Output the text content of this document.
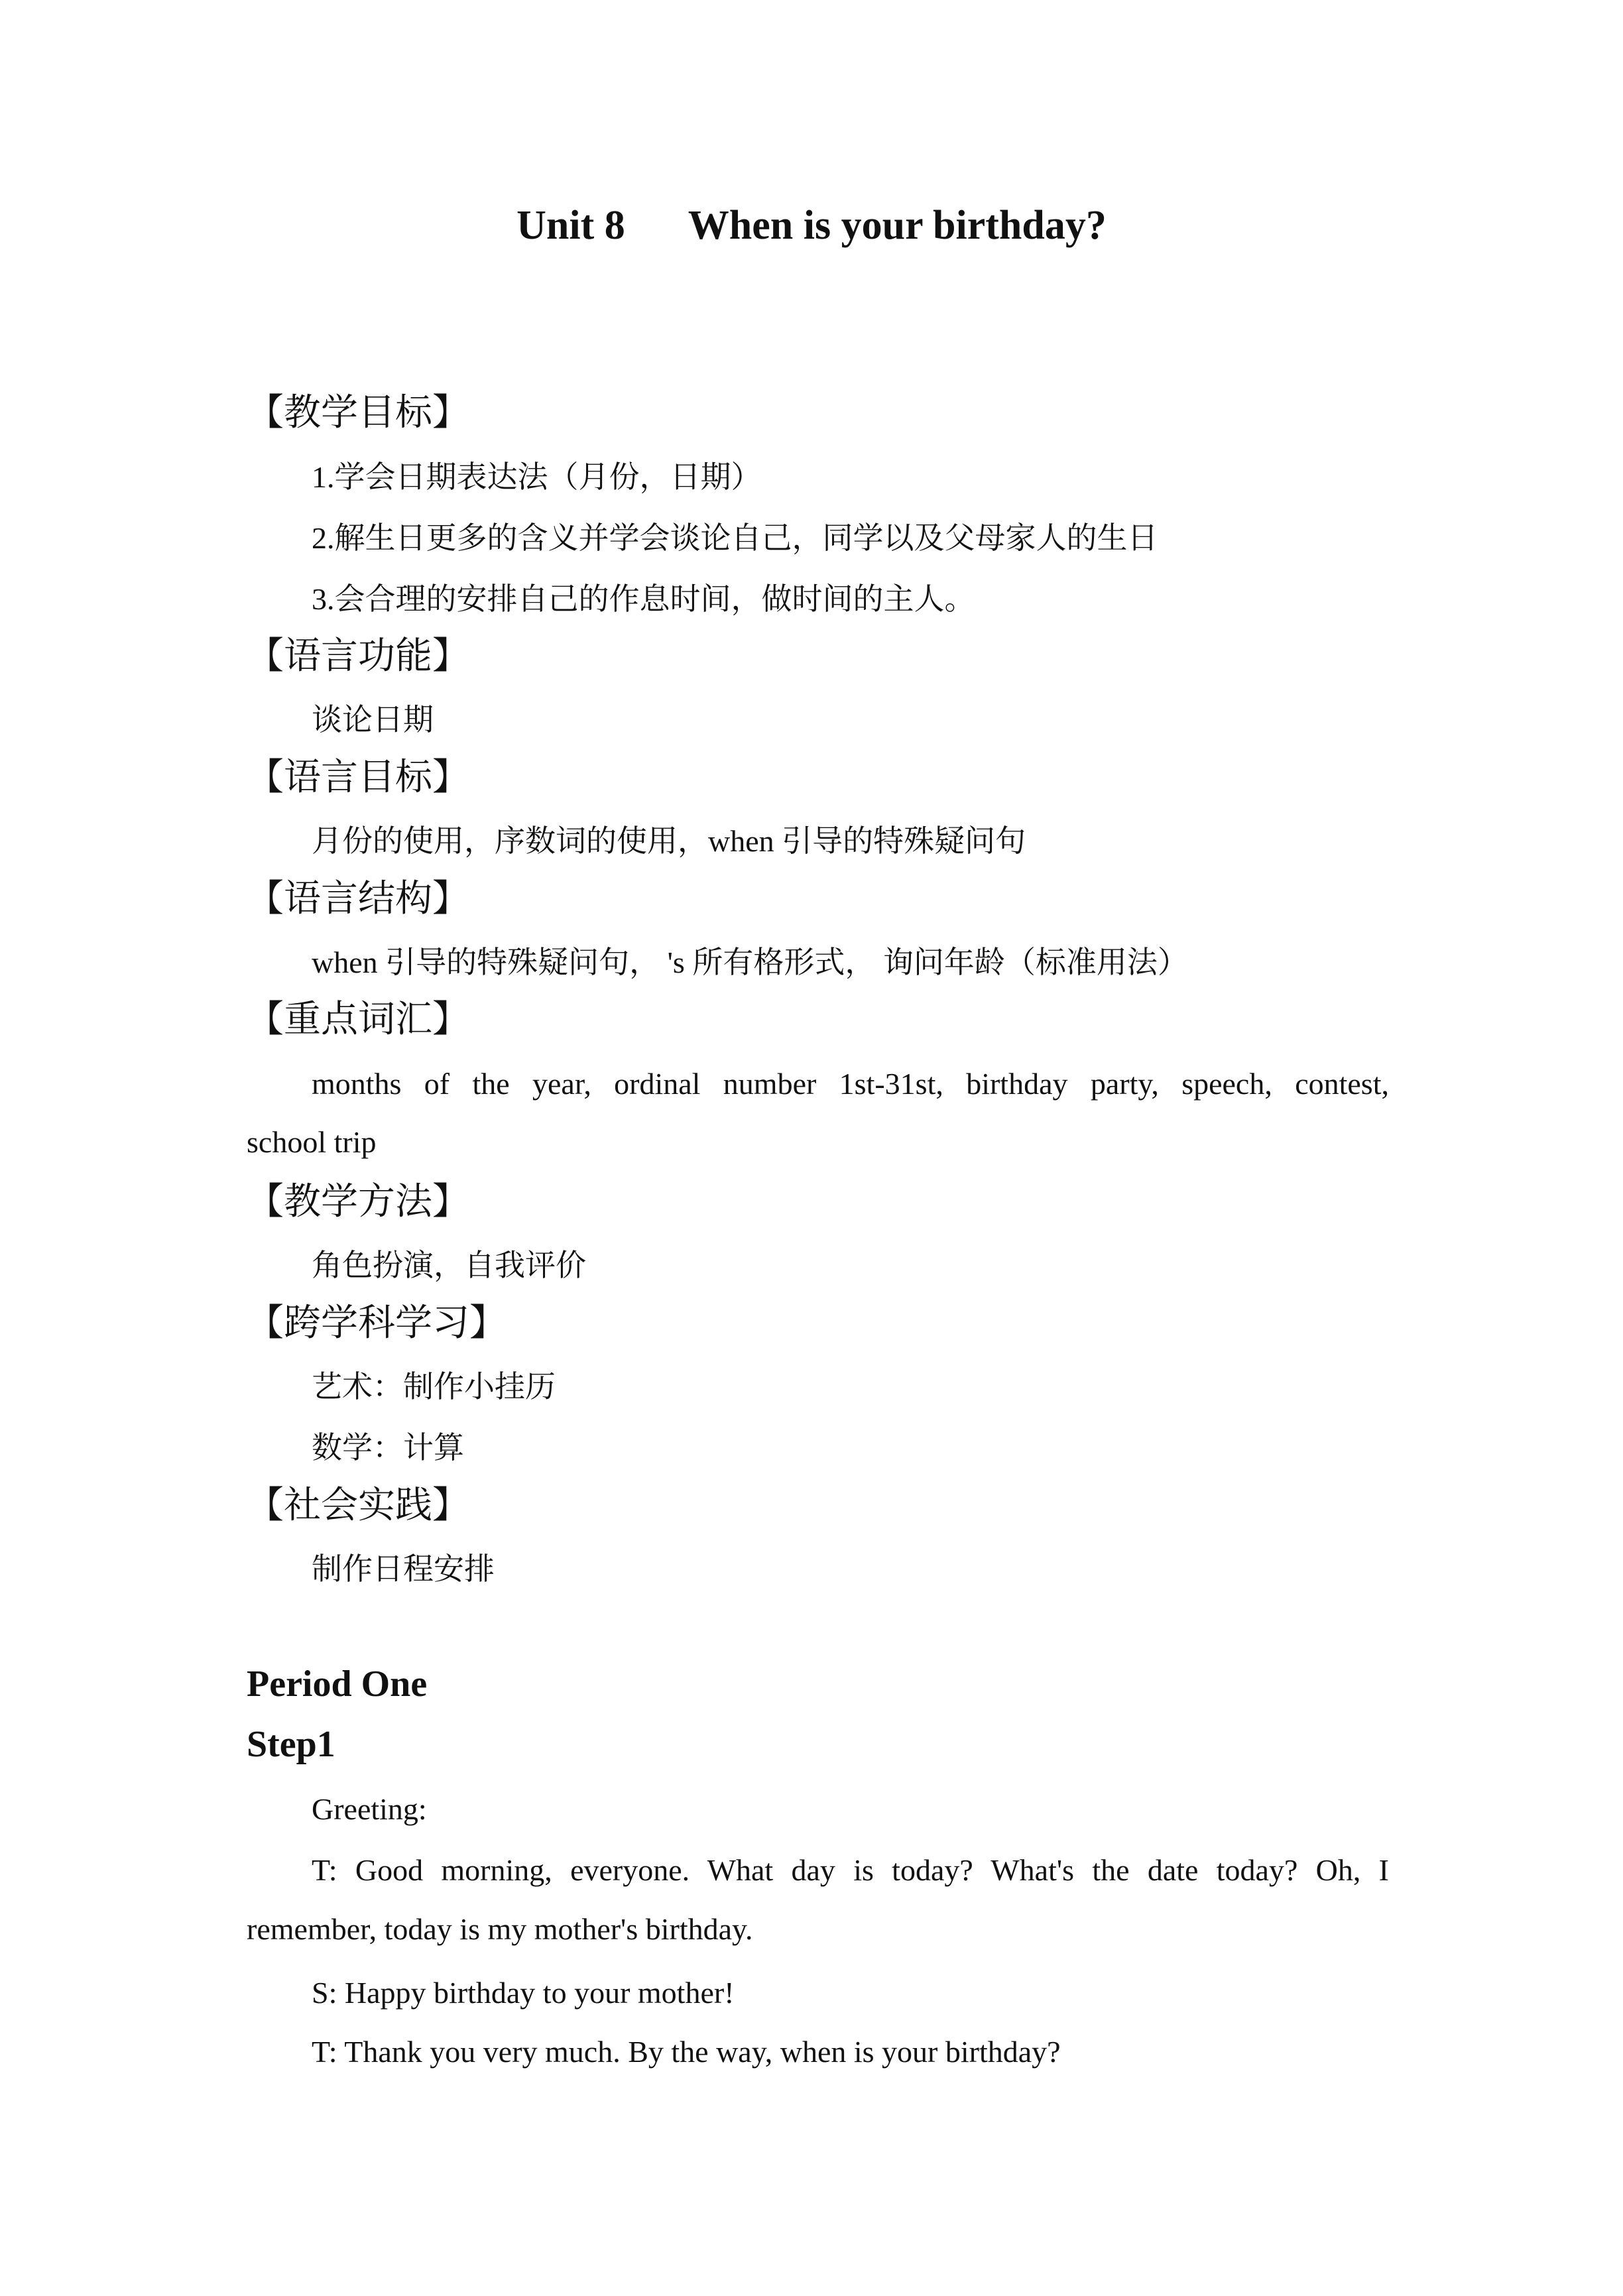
Unit 8 When is your birthday?
【教学目标】
1.学会日期表达法（月份，日期）
2.解生日更多的含义并学会谈论自己，同学以及父母家人的生日
3.会合理的安排自己的作息时间，做时间的主人。
【语言功能】
谈论日期
【语言目标】
月份的使用，序数词的使用，when 引导的特殊疑问句
【语言结构】
when 引导的特殊疑问句， 's 所有格形式， 询问年龄（标准用法）
【重点词汇】
months of the year, ordinal number 1st-31st, birthday party, speech, contest,
school trip
【教学方法】
角色扮演，自我评价
【跨学科学习】
艺术：制作小挂历
数学：计算
【社会实践】
制作日程安排
Period One
Step1
Greeting:
T: Good morning, everyone. What day is today? What's the date today? Oh, I
remember, today is my mother's birthday.
S: Happy birthday to your mother!
T: Thank you very much. By the way, when is your birthday?
